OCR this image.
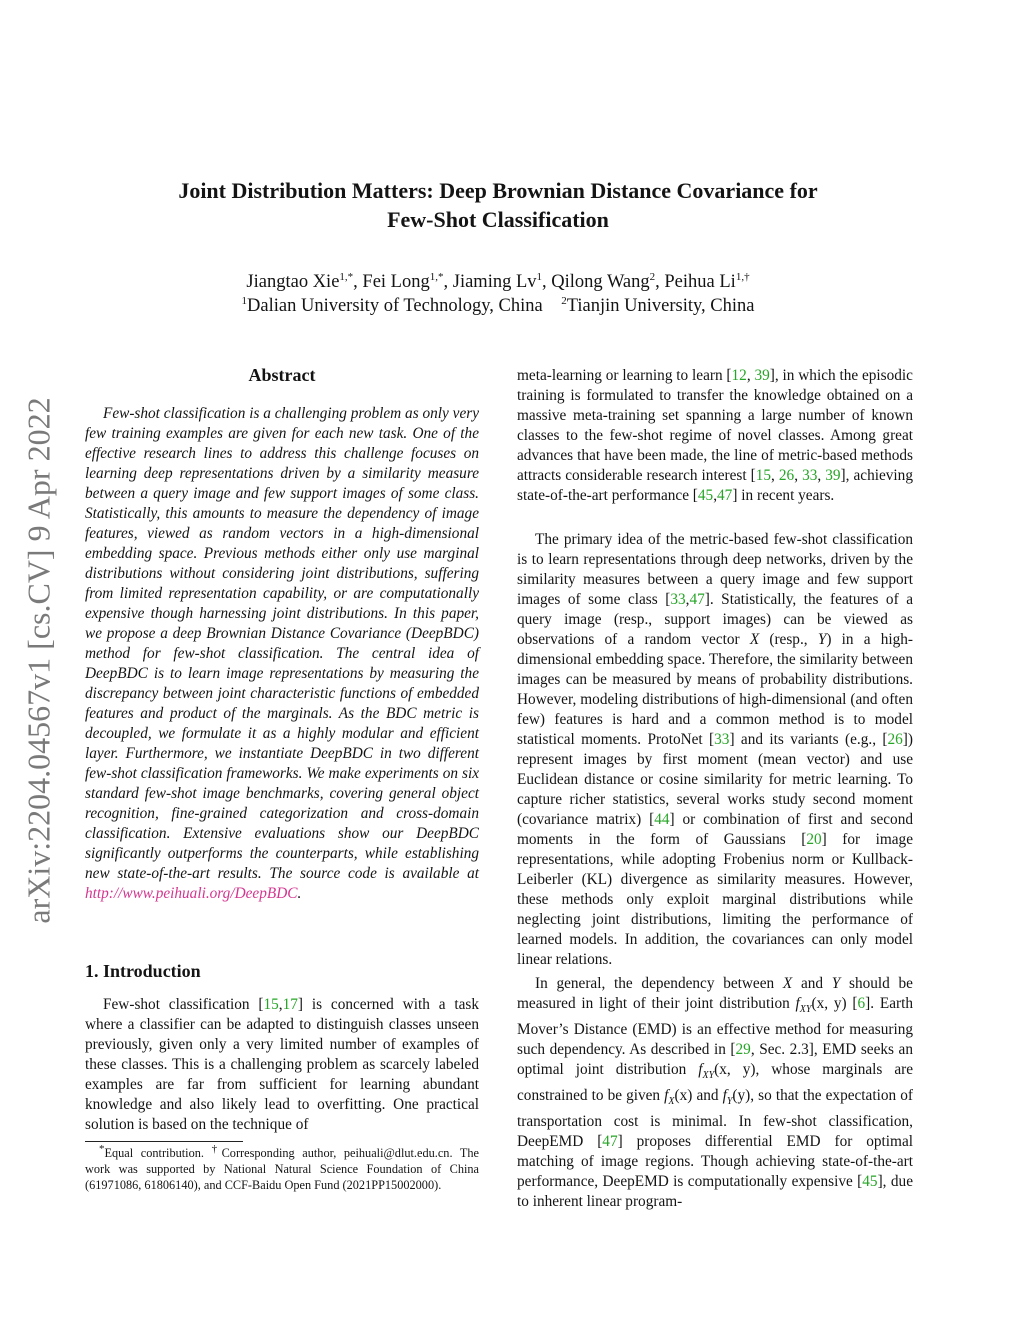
arXiv:2204.04567v1 [cs.CV] 9 Apr 2022
Joint Distribution Matters: Deep Brownian Distance Covariance for
Few-Shot Classification
Jiangtao Xie$^{1,*}$, Fei Long$^{1,*}$, Jiaming Lv$^1$, Qilong Wang$^2$, Peihua $Li^{1,\dagger}$
$^1$Dalian University of Technology, China $^2$Tianjin University, China
Abstract

Few-shot classification is a challenging problem as only very few training examples are given for each new task. One of the effective research lines to address this challenge focuses on learning deep representations driven by a similarity measure between a query image and few support images of some class. Statistically, this amounts to measure the dependency of image features, viewed as random vectors in a high-dimensional embedding space. Previous methods either only use marginal distributions without considering joint distributions, suffering from limited representation capability, or are computationally expensive though harnessing joint distributions. In this paper, we propose a deep Brownian Distance Covariance (DeepBDC) method for few-shot classification. The central idea of DeepBDC is to learn image representations by measuring the discrepancy between joint characteristic functions of embedded features and product of the marginals. As the BDC metric is decoupled, we formulate it as a highly modular and efficient layer. Furthermore, we instantiate DeepBDC in two different few-shot classification frameworks. We make experiments on six standard few-shot image benchmarks, covering general object recognition, fine-grained categorization and cross-domain classification. Extensive evaluations show our DeepBDC significantly outperforms the counterparts, while establishing new state-of-the-art results. The source code is available at http://www.peihuali.org/DeepBDC.

1. Introduction

Few-shot classification [15,17] is concerned with a task where a classifier can be adapted to distinguish classes unseen previously, given only a very limited number of examples of these classes. This is a challenging problem as scarcely labeled examples are far from sufficient for learning abundant knowledge and also likely lead to overfitting. One practical solution is based on the technique of

*Equal contribution. †Corresponding author, peihuali@dlut.edu.cn. The work was supported by National Natural Science Foundation of China (61971086, 61806140), and CCF-Baidu Open Fund (2021PP15002000).

meta-learning or learning to learn [12, 39], in which the episodic training is formulated to transfer the knowledge obtained on a massive meta-training set spanning a large number of known classes to the few-shot regime of novel classes. Among great advances that have been made, the line of metric-based methods attracts considerable research interest [15, 26, 33, 39], achieving state-of-the-art performance [45,47] in recent years.

The primary idea of the metric-based few-shot classification is to learn representations through deep networks, driven by the similarity measures between a query image and few support images of some class [33,47]. Statistically, the features of a query image (resp., support images) can be viewed as observations of a random vector X (resp., Y) in a high-dimensional embedding space. Therefore, the similarity between images can be measured by means of probability distributions. However, modeling distributions of high-dimensional (and often few) features is hard and a common method is to model statistical moments. ProtoNet [33] and its variants (e.g., [26]) represent images by first moment (mean vector) and use Euclidean distance or cosine similarity for metric learning. To capture richer statistics, several works study second moment (covariance matrix) [44] or combination of first and second moments in the form of Gaussians [20] for image representations, while adopting Frobenius norm or Kullback-Leiberler (KL) divergence as similarity measures. However, these methods only exploit marginal distributions while neglecting joint distributions, limiting the performance of learned models. In addition, the covariances can only model linear relations.

In general, the dependency between X and Y should be measured in light of their joint distribution $f_{XY}(x$, y) [6]. Earth Mover’s Distance (EMD) is an effective method for measuring such dependency. As described in [29, Sec. 2.3], EMD seeks an optimal joint distribution $f_{XY}(x$, y), whose marginals are constrained to be given $f_X(x)$ and $f_Y(y)$, so that the expectation of transportation cost is minimal. In few-shot classification, DeepEMD [47] proposes differential EMD for optimal matching of image regions. Though achieving state-of-the-art performance, DeepEMD is computationally expensive [45], due to inherent linear program-
